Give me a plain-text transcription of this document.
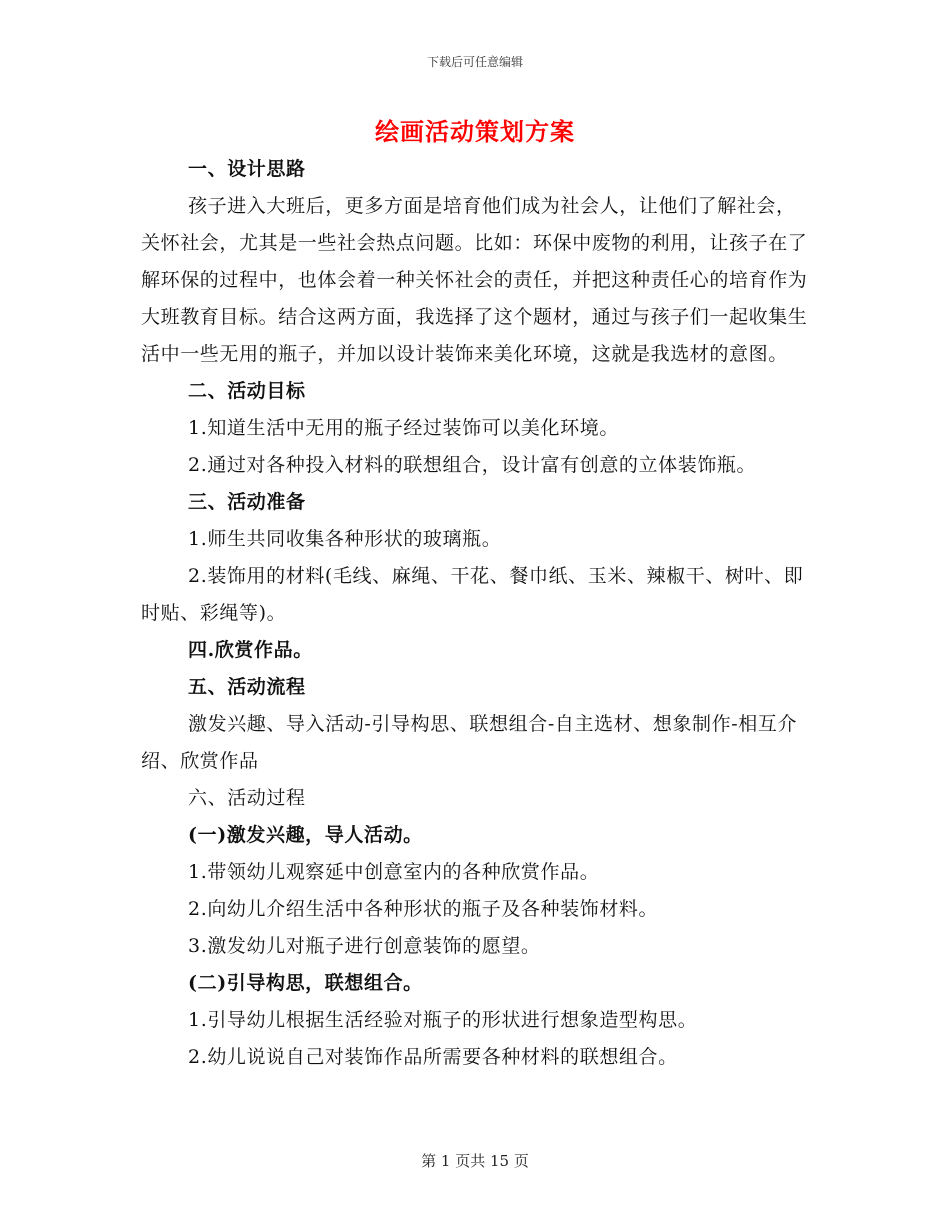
下载后可任意编辑
绘画活动策划方案

一、设计思路

孩子进入大班后，更多方面是培育他们成为社会人，让他们了解社会，关怀社会，尤其是一些社会热点问题。比如：环保中废物的利用，让孩子在了解环保的过程中，也体会着一种关怀社会的责任，并把这种责任心的培育作为大班教育目标。结合这两方面，我选择了这个题材，通过与孩子们一起收集生活中一些无用的瓶子，并加以设计装饰来美化环境，这就是我选材的意图。

二、活动目标

1.知道生活中无用的瓶子经过装饰可以美化环境。

2.通过对各种投入材料的联想组合，设计富有创意的立体装饰瓶。

三、活动准备

1.师生共同收集各种形状的玻璃瓶。

2.装饰用的材料(毛线、麻绳、干花、餐巾纸、玉米、辣椒干、树叶、即时贴、彩绳等)。

四.欣赏作品。

五、活动流程

激发兴趣、导入活动-引导构思、联想组合-自主选材、想象制作-相互介绍、欣赏作品

六、活动过程

(一)激发兴趣，导人活动。

1.带领幼儿观察延中创意室内的各种欣赏作品。

2.向幼儿介绍生活中各种形状的瓶子及各种装饰材料。

3.激发幼儿对瓶子进行创意装饰的愿望。

(二)引导构思，联想组合。

1.引导幼儿根据生活经验对瓶子的形状进行想象造型构思。

2.幼儿说说自己对装饰作品所需要各种材料的联想组合。

第 1 页共 15 页
